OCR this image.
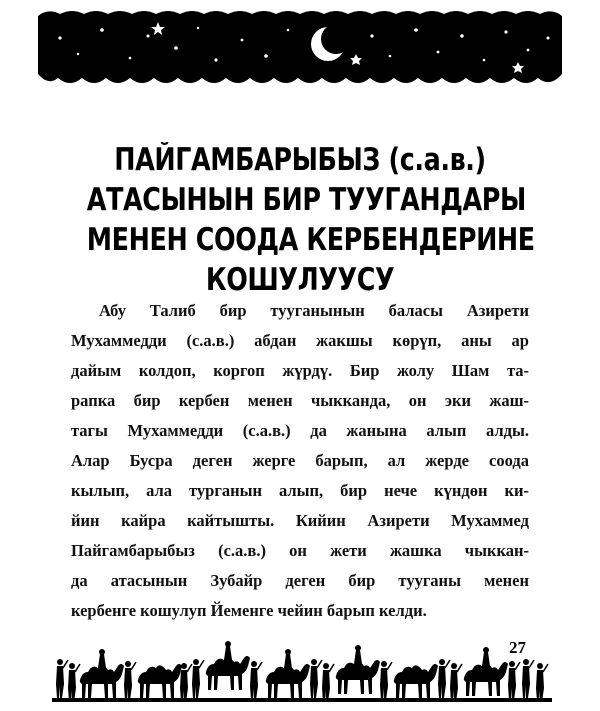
ПАЙГАМБАРЫБЫЗ (с.а.в.)
АТАСЫНЫН БИР ТУУГАНДАРЫ
МЕНЕН СООДА КЕРБЕНДЕРИНЕ
КОШУЛУУСУ
Абу Талиб бир тууганынын баласы Азирети
Мухаммедди (с.а.в.) абдан жакшы көрүп, аны ар
дайым колдоп, коргоп жүрдү. Бир жолу Шам та-
рапка бир кербен менен чыкканда, он эки жаш-
тагы Мухаммедди (с.а.в.) да жанына алып алды.
Алар Бусра деген жерге барып, ал жерде соода
кылып, ала турганын алып, бир нече күндөн ки-
йин кайра кайтышты. Кийин Азирети Мухаммед
Пайгамбарыбыз (с.а.в.) он жети жашка чыккан-
да атасынын Зубайр деген бир тууганы менен
кербенге кошулуп Йеменге чейин барып келди.
27
